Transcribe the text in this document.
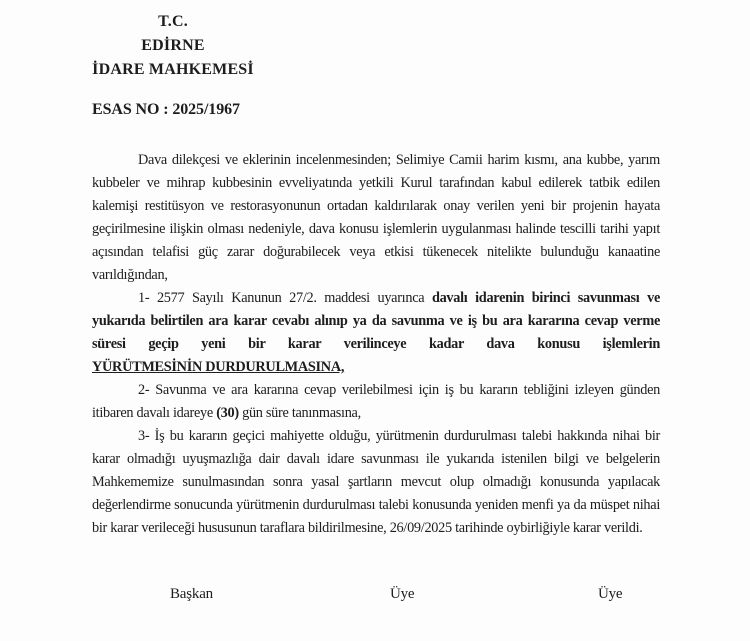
T.C.
EDİRNE
İDARE MAHKEMESİ
ESAS NO : 2025/1967

Dava dilekçesi ve eklerinin incelenmesinden; Selimiye Camii harim kısmı, ana kubbe, yarım kubbeler ve mihrap kubbesinin evveliyatında yetkili Kurul tarafından kabul edilerek tatbik edilen kalemişi restitüsyon ve restorasyonunun ortadan kaldırılarak onay verilen yeni bir projenin hayata geçirilmesine ilişkin olması nedeniyle, dava konusu işlemlerin uygulanması halinde tescilli tarihi yapıt açısından telafisi güç zarar doğurabilecek veya etkisi tükenecek nitelikte bulunduğu kanaatine varıldığından,

1- 2577 Sayılı Kanunun 27/2. maddesi uyarınca davalı idarenin birinci savunması ve yukarıda belirtilen ara karar cevabı alınıp ya da savunma ve iş bu ara kararına cevap verme süresi geçip yeni bir karar verilinceye kadar dava konusu işlemlerin
YÜRÜTMESİNİN DURDURULMASINA,

2- Savunma ve ara kararına cevap verilebilmesi için iş bu kararın tebliğini izleyen günden itibaren davalı idareye (30) gün süre tanınmasına,

3- İş bu kararın geçici mahiyette olduğu, yürütmenin durdurulması talebi hakkında nihai bir karar olmadığı uyuşmazlığa dair davalı idare savunması ile yukarıda istenilen bilgi ve belgelerin Mahkememize sunulmasından sonra yasal şartların mevcut olup olmadığı konusunda yapılacak değerlendirme sonucunda yürütmenin durdurulması talebi konusunda yeniden menfi ya da müspet nihai bir karar verileceği hususunun taraflara bildirilmesine, 26/09/2025 tarihinde oybirliğiyle karar verildi.

Başkan	Üye	Üye
